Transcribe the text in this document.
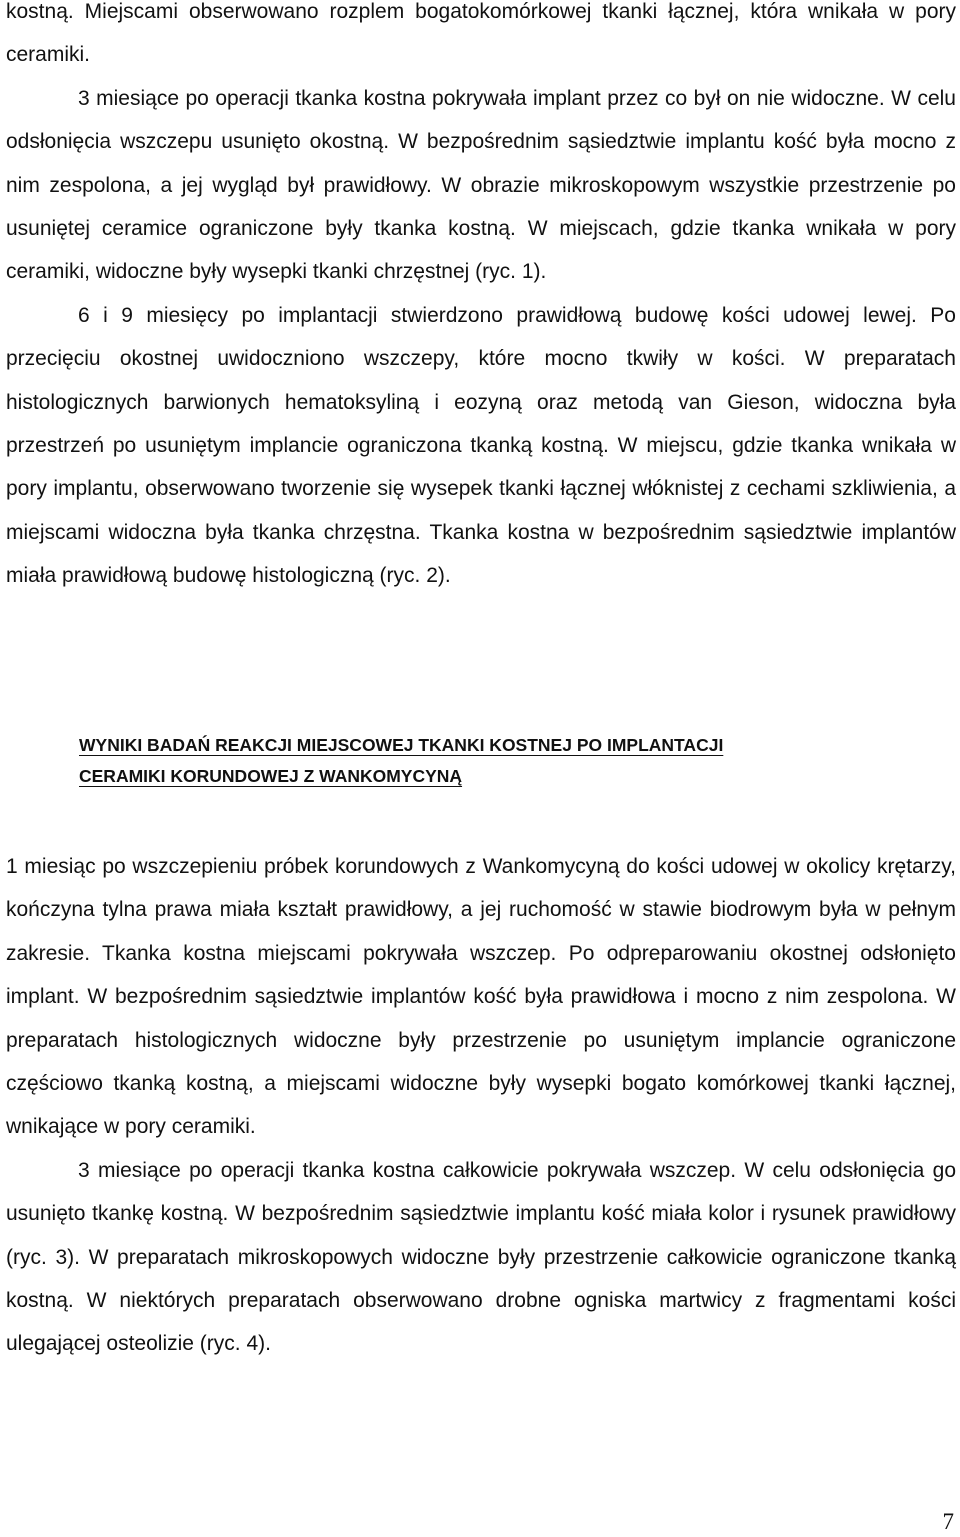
kostną. Miejscami obserwowano rozplem bogatokomórkowej tkanki łącznej, która wnikała w pory ceramiki.

3 miesiące po operacji tkanka kostna pokrywała implant przez co był on nie widoczne. W celu odsłonięcia wszczepu usunięto okostną. W bezpośrednim sąsiedztwie implantu kość była mocno z nim zespolona, a jej wygląd był prawidłowy. W obrazie mikroskopowym wszystkie przestrzenie po usuniętej ceramice ograniczone były tkanka kostną. W miejscach, gdzie tkanka wnikała w pory ceramiki, widoczne były wysepki tkanki chrzęstnej (ryc. 1).

6 i 9 miesięcy po implantacji stwierdzono prawidłową budowę kości udowej lewej. Po przecięciu okostnej uwidoczniono wszczepy, które mocno tkwiły w kości. W preparatach histologicznych barwionych hematoksyliną i eozyną oraz metodą van Gieson, widoczna była przestrzeń po usuniętym implancie ograniczona tkanką kostną. W miejscu, gdzie tkanka wnikała w pory implantu, obserwowano tworzenie się wysepek tkanki łącznej włóknistej z cechami szkliwienia, a miejscami widoczna była tkanka chrzęstna. Tkanka kostna w bezpośrednim sąsiedztwie implantów miała prawidłową budowę histologiczną (ryc. 2).

WYNIKI BADAŃ REAKCJI MIEJSCOWEJ TKANKI KOSTNEJ PO IMPLANTACJI
CERAMIKI KORUNDOWEJ Z WANKOMYCYNĄ

1 miesiąc po wszczepieniu próbek korundowych z Wankomycyną do kości udowej w okolicy krętarzy, kończyna tylna prawa miała kształt prawidłowy, a jej ruchomość w stawie biodrowym była w pełnym zakresie. Tkanka kostna miejscami pokrywała wszczep. Po odpreparowaniu okostnej odsłonięto implant. W bezpośrednim sąsiedztwie implantów kość była prawidłowa i mocno z nim zespolona. W preparatach histologicznych widoczne były przestrzenie po usuniętym implancie ograniczone częściowo tkanką kostną, a miejscami widoczne były wysepki bogato komórkowej tkanki łącznej, wnikające w pory ceramiki.

3 miesiące po operacji tkanka kostna całkowicie pokrywała wszczep. W celu odsłonięcia go usunięto tkankę kostną. W bezpośrednim sąsiedztwie implantu kość miała kolor i rysunek prawidłowy (ryc. 3). W preparatach mikroskopowych widoczne były przestrzenie całkowicie ograniczone tkanką kostną. W niektórych preparatach obserwowano drobne ogniska martwicy z fragmentami kości ulegającej osteolizie (ryc. 4).

7
